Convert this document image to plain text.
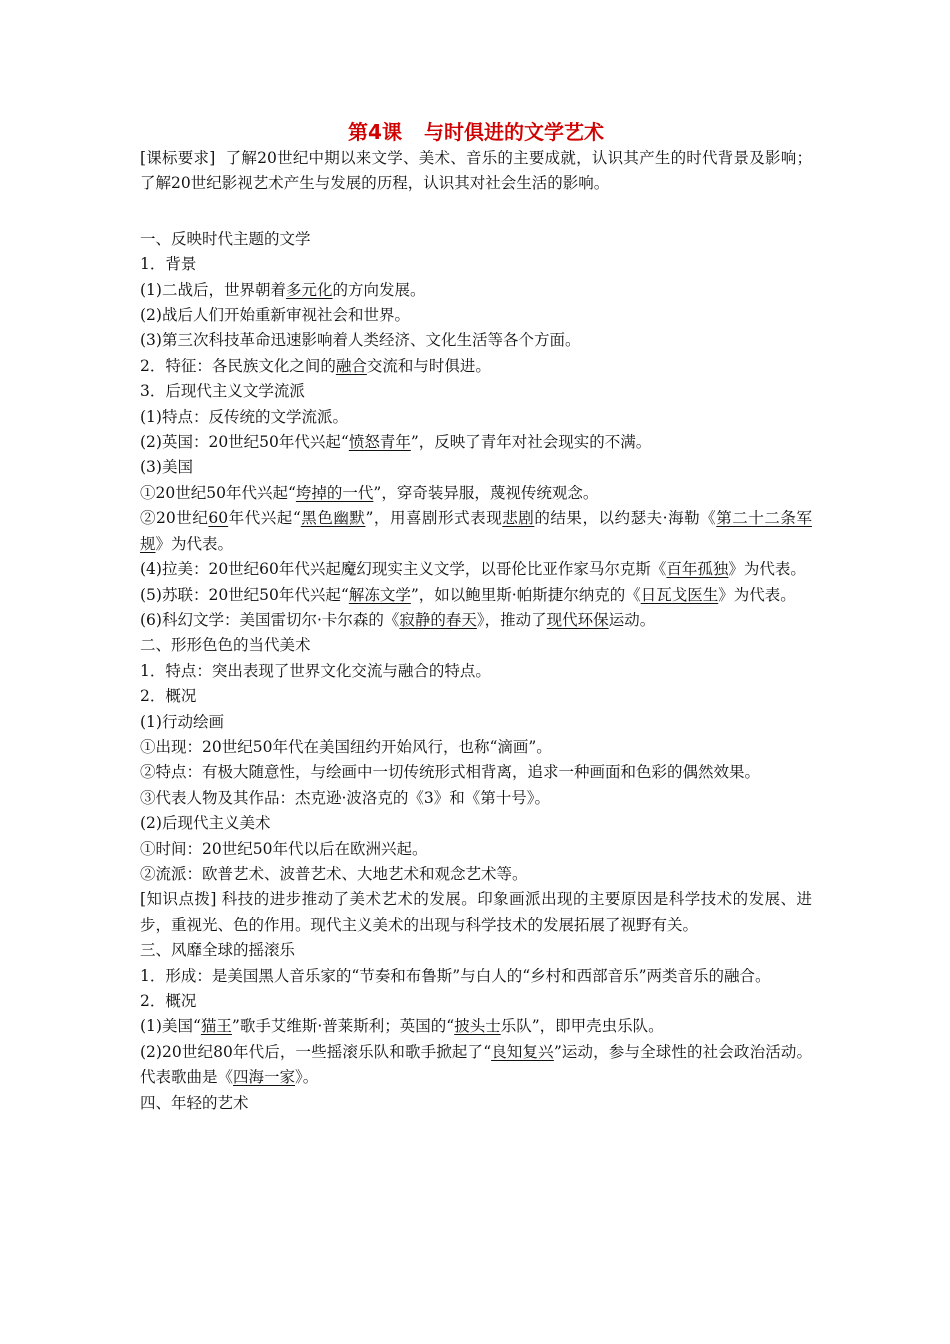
第4课 与时俱进的文学艺术

[课标要求] 了解20世纪中期以来文学、美术、音乐的主要成就，认识其产生的时代背景及影响；了解20世纪影视艺术产生与发展的历程，认识其对社会生活的影响。

一、反映时代主题的文学

1．背景

(1)二战后，世界朝着多元化的方向发展。

(2)战后人们开始重新审视社会和世界。

(3)第三次科技革命迅速影响着人类经济、文化生活等各个方面。

2．特征：各民族文化之间的融合交流和与时俱进。

3．后现代主义文学流派

(1)特点：反传统的文学流派。

(2)英国：20世纪50年代兴起“愤怒青年”，反映了青年对社会现实的不满。

(3)美国

①20世纪50年代兴起“垮掉的一代”，穿奇装异服，蔑视传统观念。

②20世纪60年代兴起“黑色幽默”，用喜剧形式表现悲剧的结果，以约瑟夫·海勒《第二十二条军规》为代表。

(4)拉美：20世纪60年代兴起魔幻现实主义文学，以哥伦比亚作家马尔克斯《百年孤独》为代表。

(5)苏联：20世纪50年代兴起“解冻文学”，如以鲍里斯·帕斯捷尔纳克的《日瓦戈医生》为代表。

(6)科幻文学：美国雷切尔·卡尔森的《寂静的春天》，推动了现代环保运动。

二、形形色色的当代美术

1．特点：突出表现了世界文化交流与融合的特点。

2．概况

(1)行动绘画

①出现：20世纪50年代在美国纽约开始风行，也称“滴画”。

②特点：有极大随意性，与绘画中一切传统形式相背离，追求一种画面和色彩的偶然效果。

③代表人物及其作品：杰克逊·波洛克的《3》和《第十号》。

(2)后现代主义美术

①时间：20世纪50年代以后在欧洲兴起。

②流派：欧普艺术、波普艺术、大地艺术和观念艺术等。

[知识点拨] 科技的进步推动了美术艺术的发展。印象画派出现的主要原因是科学技术的发展、进步，重视光、色的作用。现代主义美术的出现与科学技术的发展拓展了视野有关。

三、风靡全球的摇滚乐

1．形成：是美国黑人音乐家的“节奏和布鲁斯”与白人的“乡村和西部音乐”两类音乐的融合。

2．概况

(1)美国“猫王”歌手艾维斯·普莱斯利；英国的“披头士乐队”，即甲壳虫乐队。

(2)20世纪80年代后，一些摇滚乐队和歌手掀起了“良知复兴”运动，参与全球性的社会政治活动。代表歌曲是《四海一家》。

四、年轻的艺术
